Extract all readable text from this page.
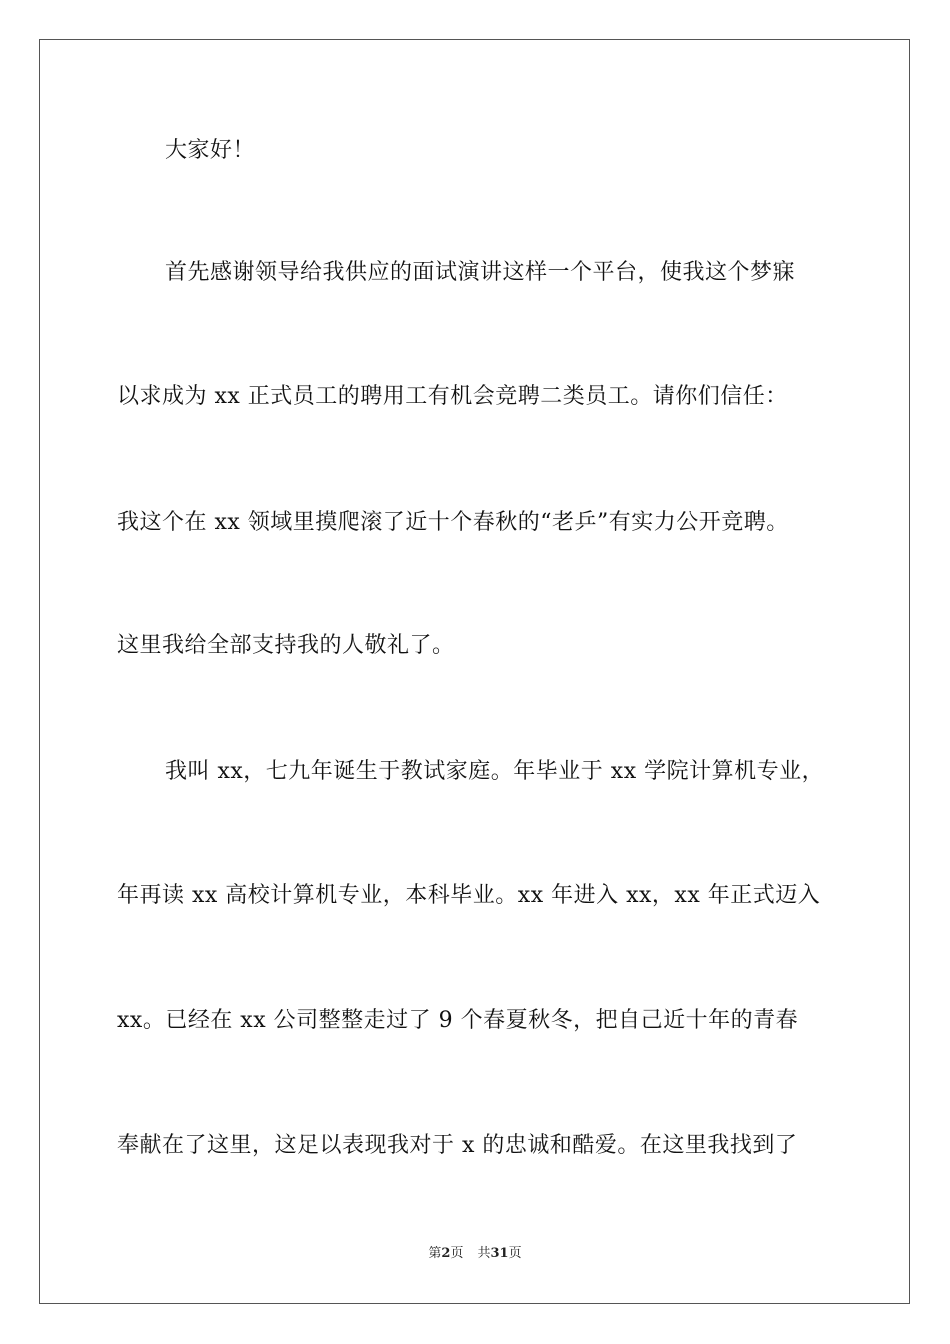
大家好！
首先感谢领导给我供应的面试演讲这样一个平台，使我这个梦寐
以求成为 xx 正式员工的聘用工有机会竞聘二类员工。请你们信任：
我这个在 xx 领域里摸爬滚了近十个春秋的“老乒”有实力公开竞聘。
这里我给全部支持我的人敬礼了。
我叫 xx，七九年诞生于教试家庭。年毕业于 xx 学院计算机专业，
年再读 xx 高校计算机专业，本科毕业。xx 年进入 xx，xx 年正式迈入
xx。已经在 xx 公司整整走过了 9 个春夏秋冬，把自己近十年的青春
奉献在了这里，这足以表现我对于 x 的忠诚和酷爱。在这里我找到了
第2页 共31页
